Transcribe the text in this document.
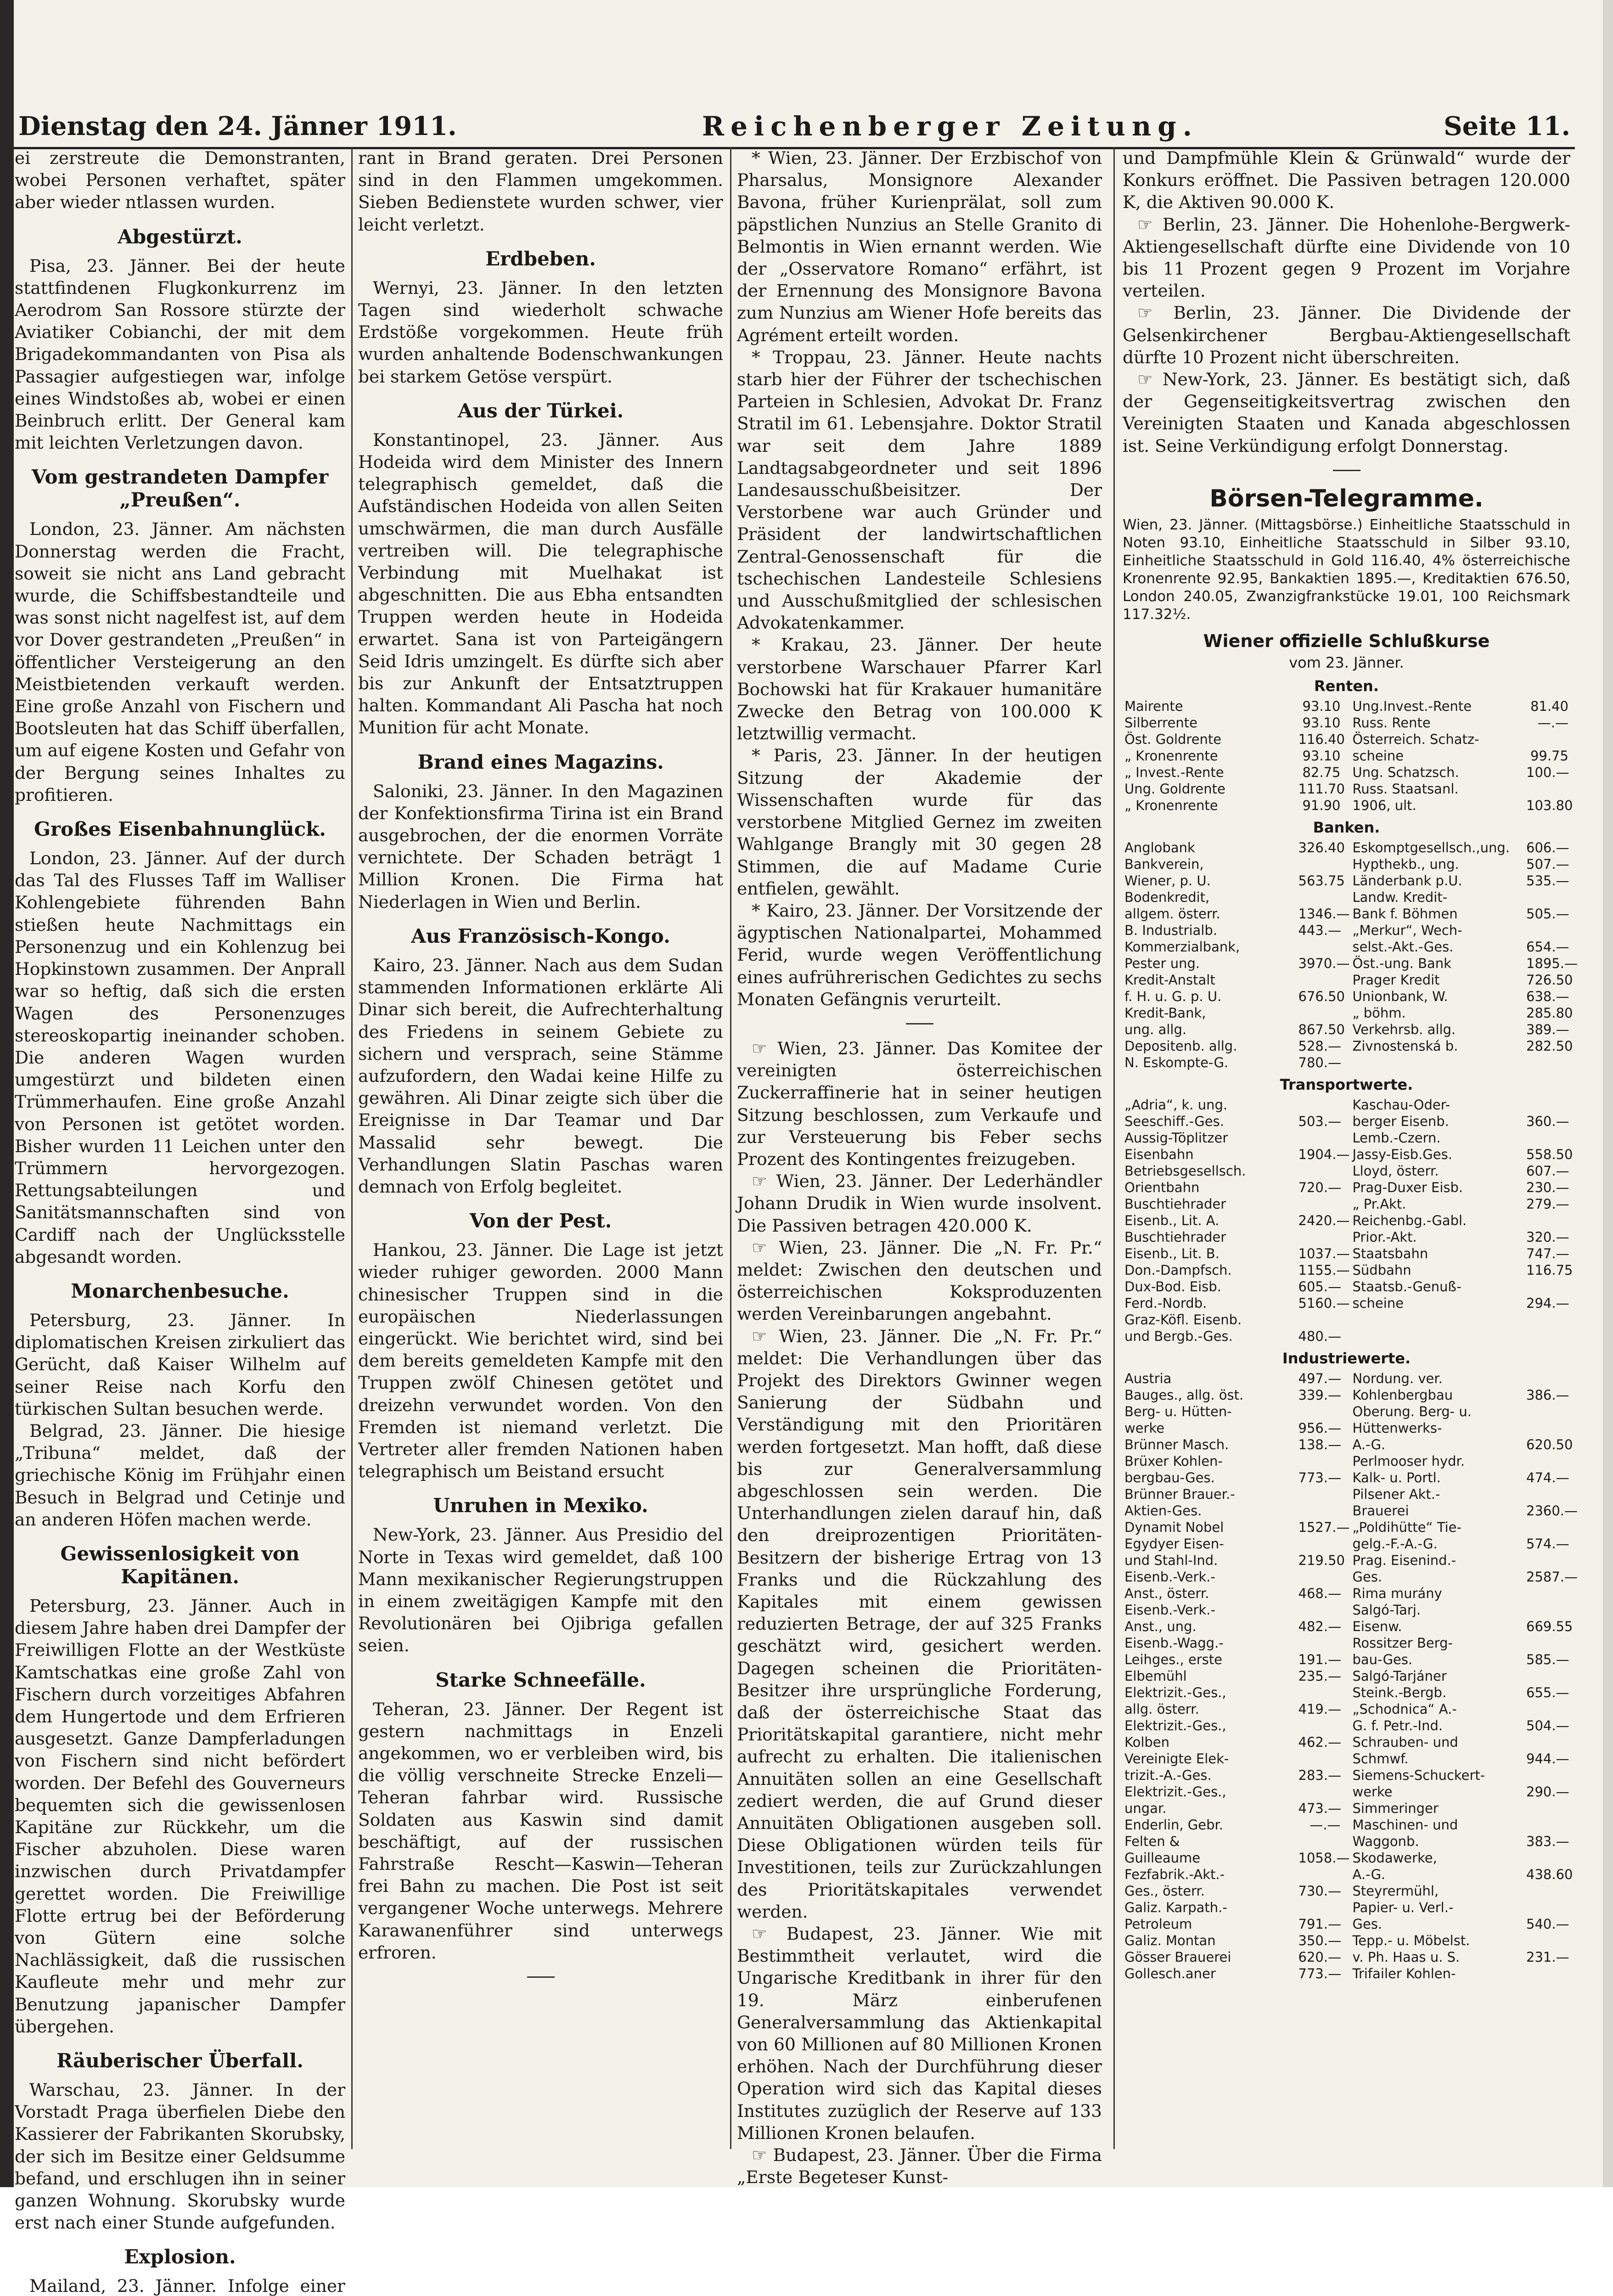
Dienstag den 24. Jänner 1911.	Reichenberger Zeitung.	Seite 11.

ei zerstreute die Demonstranten, wobei Personen verhaftet, später aber wieder ntlassen wurden.

Abgestürzt.

Pisa, 23. Jänner. Bei der heute stattfindenen Flugkonkurrenz im Aerodrom San Rossore stürzte der Aviatiker Cobianchi, der mit dem Brigadekommandanten von Pisa als Passagier aufgestiegen war, infolge eines Windstoßes ab, wobei er einen Beinbruch erlitt. Der General kam mit leichten Verletzungen davon.

Vom gestrandeten Dampfer „Preußen“.

London, 23. Jänner. Am nächsten Donnerstag werden die Fracht, soweit sie nicht ans Land gebracht wurde, die Schiffsbestandteile und was sonst nicht nagelfest ist, auf dem vor Dover gestrandeten „Preußen“ in öffentlicher Versteigerung an den Meistbietenden verkauft werden. Eine große Anzahl von Fischern und Bootsleuten hat das Schiff überfallen, um auf eigene Kosten und Gefahr von der Bergung seines Inhaltes zu profitieren.

Großes Eisenbahnunglück.

London, 23. Jänner. Auf der durch das Tal des Flusses Taff im Walliser Kohlengebiete führenden Bahn stießen heute Nachmittags ein Personenzug und ein Kohlenzug bei Hopkinstown zusammen. Der Anprall war so heftig, daß sich die ersten Wagen des Personenzuges stereoskopartig ineinander schoben. Die anderen Wagen wurden umgestürzt und bildeten einen Trümmerhaufen. Eine große Anzahl von Personen ist getötet worden. Bisher wurden 11 Leichen unter den Trümmern hervorgezogen. Rettungsabteilungen und Sanitätsmannschaften sind von Cardiff nach der Unglücksstelle abgesandt worden.

Monarchenbesuche.

Petersburg, 23. Jänner. In diplomatischen Kreisen zirkuliert das Gerücht, daß Kaiser Wilhelm auf seiner Reise nach Korfu den türkischen Sultan besuchen werde.

Belgrad, 23. Jänner. Die hiesige „Tribuna“ meldet, daß der griechische König im Frühjahr einen Besuch in Belgrad und Cetinje und an anderen Höfen machen werde.

Gewissenlosigkeit von Kapitänen.

Petersburg, 23. Jänner. Auch in diesem Jahre haben drei Dampfer der Freiwilligen Flotte an der Westküste Kamtschatkas eine große Zahl von Fischern durch vorzeitiges Abfahren dem Hungertode und dem Erfrieren ausgesetzt. Ganze Dampferladungen von Fischern sind nicht befördert worden. Der Befehl des Gouverneurs bequemten sich die gewissenlosen Kapitäne zur Rückkehr, um die Fischer abzuholen. Diese waren inzwischen durch Privatdampfer gerettet worden. Die Freiwillige Flotte ertrug bei der Beförderung von Gütern eine solche Nachlässigkeit, daß die russischen Kaufleute mehr und mehr zur Benutzung japanischer Dampfer übergehen.

Räuberischer Überfall.

Warschau, 23. Jänner. In der Vorstadt Praga überfielen Diebe den Kassierer der Fabrikanten Skorubsky, der sich im Besitze einer Geldsumme befand, und erschlugen ihn in seiner ganzen Wohnung. Skorubsky wurde erst nach einer Stunde aufgefunden.

Explosion.

Mailand, 23. Jänner. Infolge einer

rant in Brand geraten. Drei Personen sind in den Flammen umgekommen. Sieben Bedienstete wurden schwer, vier leicht verletzt.

Erdbeben.

Wernyi, 23. Jänner. In den letzten Tagen sind wiederholt schwache Erdstöße vorgekommen. Heute früh wurden anhaltende Bodenschwankungen bei starkem Getöse verspürt.

Aus der Türkei.

Konstantinopel, 23. Jänner. Aus Hodeida wird dem Minister des Innern telegraphisch gemeldet, daß die Aufständischen Hodeida von allen Seiten umschwärmen, die man durch Ausfälle vertreiben will. Die telegraphische Verbindung mit Muelhakat ist abgeschnitten. Die aus Ebha entsandten Truppen werden heute in Hodeida erwartet. Sana ist von Parteigängern Seid Idris umzingelt. Es dürfte sich aber bis zur Ankunft der Entsatztruppen halten. Kommandant Ali Pascha hat noch Munition für acht Monate.

Brand eines Magazins.

Saloniki, 23. Jänner. In den Magazinen der Konfektionsfirma Tirina ist ein Brand ausgebrochen, der die enormen Vorräte vernichtete. Der Schaden beträgt 1 Million Kronen. Die Firma hat Niederlagen in Wien und Berlin.

Aus Französisch-Kongo.

Kairo, 23. Jänner. Nach aus dem Sudan stammenden Informationen erklärte Ali Dinar sich bereit, die Aufrechterhaltung des Friedens in seinem Gebiete zu sichern und versprach, seine Stämme aufzufordern, den Wadai keine Hilfe zu gewähren. Ali Dinar zeigte sich über die Ereignisse in Dar Teamar und Dar Massalid sehr bewegt. Die Verhandlungen Slatin Paschas waren demnach von Erfolg begleitet.

Von der Pest.

Hankou, 23. Jänner. Die Lage ist jetzt wieder ruhiger geworden. 2000 Mann chinesischer Truppen sind in die europäischen Niederlassungen eingerückt. Wie berichtet wird, sind bei dem bereits gemeldeten Kampfe mit den Truppen zwölf Chinesen getötet und dreizehn verwundet worden. Von den Fremden ist niemand verletzt. Die Vertreter aller fremden Nationen haben telegraphisch um Beistand ersucht

Unruhen in Mexiko.

New-York, 23. Jänner. Aus Presidio del Norte in Texas wird gemeldet, daß 100 Mann mexikanischer Regierungstruppen in einem zweitägigen Kampfe mit den Revolutionären bei Ojibriga gefallen seien.

Starke Schneefälle.

Teheran, 23. Jänner. Der Regent ist gestern nachmittags in Enzeli angekommen, wo er verbleiben wird, bis die völlig verschneite Strecke Enzeli—Teheran fahrbar wird. Russische Soldaten aus Kaswin sind damit beschäftigt, auf der russischen Fahrstraße Rescht—Kaswin—Teheran frei Bahn zu machen. Die Post ist seit vergangener Woche unterwegs. Mehrere Karawanenführer sind unterwegs erfroren.

* Wien, 23. Jänner. Der Erzbischof von Pharsalus, Monsignore Alexander Bavona, früher Kurienprälat, soll zum päpstlichen Nunzius an Stelle Granito di Belmontis in Wien ernannt werden. Wie der „Osservatore Romano“ erfährt, ist der Ernennung des Monsignore Bavona zum Nunzius am Wiener Hofe bereits das Agrément erteilt worden.

* Troppau, 23. Jänner. Heute nachts starb hier der Führer der tschechischen Parteien in Schlesien, Advokat Dr. Franz Stratil im 61. Lebensjahre. Doktor Stratil war seit dem Jahre 1889 Landtagsabgeordneter und seit 1896 Landesausschußbeisitzer. Der Verstorbene war auch Gründer und Präsident der landwirtschaftlichen Zentral-Genossenschaft für die tschechischen Landesteile Schlesiens und Ausschußmitglied der schlesischen Advokatenkammer.

* Krakau, 23. Jänner. Der heute verstorbene Warschauer Pfarrer Karl Bochowski hat für Krakauer humanitäre Zwecke den Betrag von 100.000 K letztwillig vermacht.

* Paris, 23. Jänner. In der heutigen Sitzung der Akademie der Wissenschaften wurde für das verstorbene Mitglied Gernez im zweiten Wahlgange Brangly mit 30 gegen 28 Stimmen, die auf Madame Curie entfielen, gewählt.

* Kairo, 23. Jänner. Der Vorsitzende der ägyptischen Nationalpartei, Mohammed Ferid, wurde wegen Veröffentlichung eines aufrührerischen Gedichtes zu sechs Monaten Gefängnis verurteilt.

☞ Wien, 23. Jänner. Das Komitee der vereinigten österreichischen Zuckerraffinerie hat in seiner heutigen Sitzung beschlossen, zum Verkaufe und zur Versteuerung bis Feber sechs Prozent des Kontingentes freizugeben.

☞ Wien, 23. Jänner. Der Lederhändler Johann Drudik in Wien wurde insolvent. Die Passiven betragen 420.000 K.

☞ Wien, 23. Jänner. Die „N. Fr. Pr.“ meldet: Zwischen den deutschen und österreichischen Koksproduzenten werden Vereinbarungen angebahnt.

☞ Wien, 23. Jänner. Die „N. Fr. Pr.“ meldet: Die Verhandlungen über das Projekt des Direktors Gwinner wegen Sanierung der Südbahn und Verständigung mit den Prioritären werden fortgesetzt. Man hofft, daß diese bis zur Generalversammlung abgeschlossen sein werden. Die Unterhandlungen zielen darauf hin, daß den dreiprozentigen Prioritäten-Besitzern der bisherige Ertrag von 13 Franks und die Rückzahlung des Kapitales mit einem gewissen reduzierten Betrage, der auf 325 Franks geschätzt wird, gesichert werden. Dagegen scheinen die Prioritäten-Besitzer ihre ursprüngliche Forderung, daß der österreichische Staat das Prioritätskapital garantiere, nicht mehr aufrecht zu erhalten. Die italienischen Annuitäten sollen an eine Gesellschaft zediert werden, die auf Grund dieser Annuitäten Obligationen ausgeben soll. Diese Obligationen würden teils für Investitionen, teils zur Zurückzahlungen des Prioritätskapitales verwendet werden.

☞ Budapest, 23. Jänner. Wie mit Bestimmtheit verlautet, wird die Ungarische Kreditbank in ihrer für den 19. März einberufenen Generalversammlung das Aktienkapital von 60 Millionen auf 80 Millionen Kronen erhöhen. Nach der Durchführung dieser Operation wird sich das Kapital dieses Institutes zuzüglich der Reserve auf 133 Millionen Kronen belaufen.

☞ Budapest, 23. Jänner. Über die Firma „Erste Begeteser Kunst-

und Dampfmühle Klein & Grünwald“ wurde der Konkurs eröffnet. Die Passiven betragen 120.000 K, die Aktiven 90.000 K.

☞ Berlin, 23. Jänner. Die Hohenlohe-Bergwerk-Aktiengesellschaft dürfte eine Dividende von 10 bis 11 Prozent gegen 9 Prozent im Vorjahre verteilen.

☞ Berlin, 23. Jänner. Die Dividende der Gelsenkirchener Bergbau-Aktiengesellschaft dürfte 10 Prozent nicht überschreiten.

☞ New-York, 23. Jänner. Es bestätigt sich, daß der Gegenseitigkeitsvertrag zwischen den Vereinigten Staaten und Kanada abgeschlossen ist. Seine Verkündigung erfolgt Donnerstag.

Börsen-Telegramme.

Wien, 23. Jänner. (Mittagsbörse.) Einheitliche Staatsschuld in Noten 93.10, Einheitliche Staatsschuld in Silber 93.10, Einheitliche Staatsschuld in Gold 116.40, 4% österreichische Kronenrente 92.95, Bankaktien 1895.—, Kreditaktien 676.50, London 240.05, Zwanzigfrankstücke 19.01, 100 Reichsmark 117.32½.

Wiener offizielle Schlußkurse
vom 23. Jänner.
Renten.
Mairente	93.10		Ung.Invest.-Rente	81.40
Silberrente	93.10		Russ. Rente	—.—
Öst. Goldrente	116.40		Österreich. Schatz-	
„ Kronenrente	93.10		scheine	99.75
„ Invest.-Rente	82.75		Ung. Schatzsch.	100.—
Ung. Goldrente	111.70		Russ. Staatsanl.	
„ Kronenrente	91.90		1906, ult.	103.80
Banken.
Anglobank	326.40		Eskomptgesellsch.,ung.	606.—
Bankverein,			Hypthekb., ung.	507.—
Wiener, p. U.	563.75		Länderbank p.U.	535.—
Bodenkredit,			Landw. Kredit-	
allgem. österr.	1346.—		Bank f. Böhmen	505.—
B. Industrialb.	443.—		„Merkur“, Wech-	
Kommerzialbank,			selst.-Akt.-Ges.	654.—
Pester ung.	3970.—		Öst.-ung. Bank	1895.—
Kredit-Anstalt			Prager Kredit	726.50
f. H. u. G. p. U.	676.50		Unionbank, W.	638.—
Kredit-Bank,			„ böhm.	285.80
ung. allg.	867.50		Verkehrsb. allg.	389.—
Depositenb. allg.	528.—		Zivnostenská b.	282.50
N. Eskompte-G.	780.—			
Transportwerte.
„Adria“, k. ung.			Kaschau-Oder-	
Seeschiff.-Ges.	503.—		berger Eisenb.	360.—
Aussig-Töplitzer			Lemb.-Czern.	
Eisenbahn	1904.—		Jassy-Eisb.Ges.	558.50
Betriebsgesellsch.			Lloyd, österr.	607.—
Orientbahn	720.—		Prag-Duxer Eisb.	230.—
Buschtiehrader			„ Pr.Akt.	279.—
Eisenb., Lit. A.	2420.—		Reichenbg.-Gabl.	
Buschtiehrader			Prior.-Akt.	320.—
Eisenb., Lit. B.	1037.—		Staatsbahn	747.—
Don.-Dampfsch.	1155.—		Südbahn	116.75
Dux-Bod. Eisb.	605.—		Staatsb.-Genuß-	
Ferd.-Nordb.	5160.—		scheine	294.—
Graz-Köfl. Eisenb.				
und Bergb.-Ges.	480.—			
Industriewerte.
Austria	497.—		Nordung. ver.	
Bauges., allg. öst.	339.—		Kohlenbergbau	386.—
Berg- u. Hütten-			Oberung. Berg- u.	
werke	956.—		Hüttenwerks-	
Brünner Masch.	138.—		A.-G.	620.50
Brüxer Kohlen-			Perlmooser hydr.	
bergbau-Ges.	773.—		Kalk- u. Portl.	474.—
Brünner Brauer.-			Pilsener Akt.-	
Aktien-Ges.			Brauerei	2360.—
Dynamit Nobel	1527.—		„Poldihütte“ Tie-	
Egydyer Eisen-			gelg.-F.-A.-G.	574.—
und Stahl-Ind.	219.50		Prag. Eisenind.-	
Eisenb.-Verk.-			Ges.	2587.—
Anst., österr.	468.—		Rima murány	
Eisenb.-Verk.-			Salgó-Tarj.	
Anst., ung.	482.—		Eisenw.	669.55
Eisenb.-Wagg.-			Rossitzer Berg-	
Leihges., erste	191.—		bau-Ges.	585.—
Elbemühl	235.—		Salgó-Tarjáner	
Elektrizit.-Ges.,			Steink.-Bergb.	655.—
allg. österr.	419.—		„Schodnica“ A.-	
Elektrizit.-Ges.,			G. f. Petr.-Ind.	504.—
Kolben	462.—		Schrauben- und	
Vereinigte Elek-			Schmwf.	944.—
trizit.-A.-Ges.	283.—		Siemens-Schuckert-	
Elektrizit.-Ges.,			werke	290.—
ungar.	473.—		Simmeringer	
Enderlin, Gebr.	—.—		Maschinen- und	
Felten &			Waggonb.	383.—
Guilleaume	1058.—		Skodawerke,	
Fezfabrik.-Akt.-			A.-G.	438.60
Ges., österr.	730.—		Steyrermühl,	
Galiz. Karpath.-			Papier- u. Verl.-	
Petroleum	791.—		Ges.	540.—
Galiz. Montan	350.—		Tepp.- u. Möbelst.	
Gösser Brauerei	620.—		v. Ph. Haas u. S.	231.—
Gollesch.aner	773.—		Trifailer Kohlen-	
